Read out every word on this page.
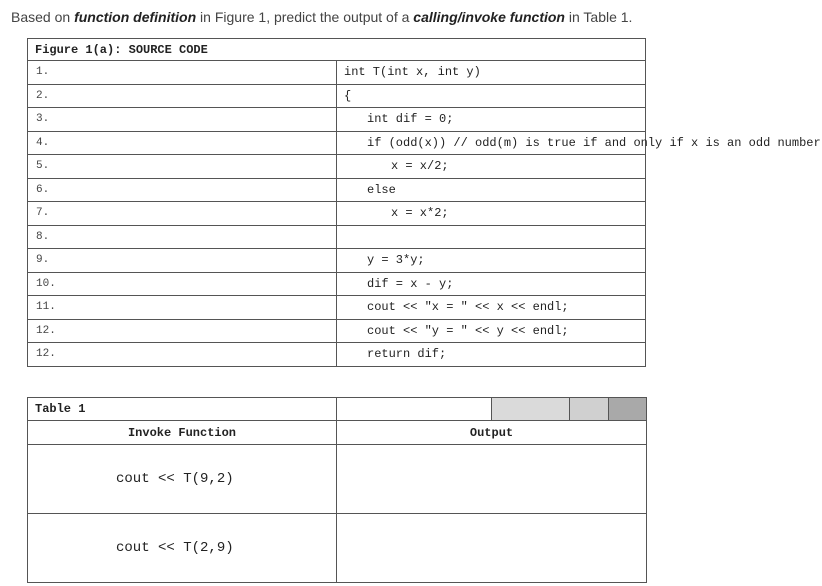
Based on function definition in Figure 1, predict the output of a calling/invoke function in Table 1.
Figure 1(a): SOURCE CODE	
1.	int T(int x, int y)
2.	{
3.	int dif = 0;
4.	if (odd(x)) // odd(m) is true if and only if x is an odd number
5.	x = x/2;
6.	else
7.	x = x*2;
8.	
9.	y = 3*y;
10.	dif = x - y;
11.	cout << "x = " << x << endl;
12.	cout << "y = " << y << endl;
12.	return dif;
Table 1	

Invoke Function	Output
cout << T(9,2)	
cout << T(2,9)	
